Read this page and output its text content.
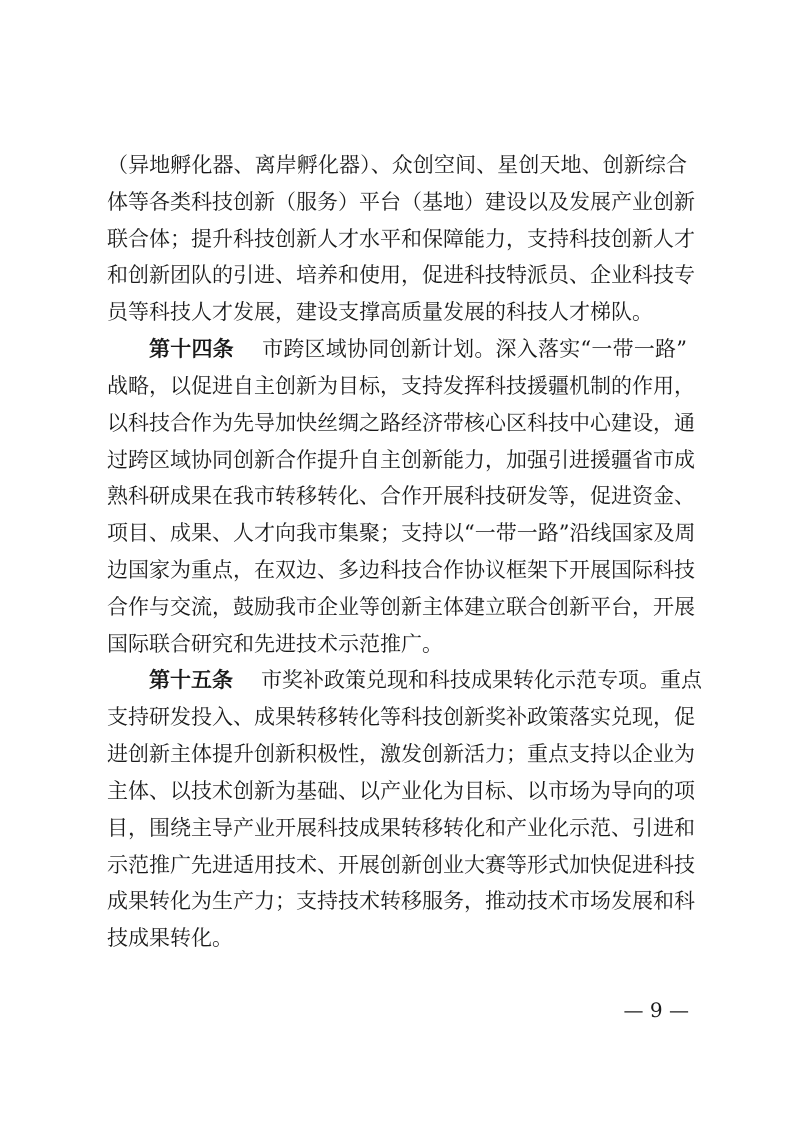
（异地孵化器、离岸孵化器）、众创空间、星创天地、创新综合
体等各类科技创新（服务）平台（基地）建设以及发展产业创新
联合体；提升科技创新人才水平和保障能力，支持科技创新人才
和创新团队的引进、培养和使用，促进科技特派员、企业科技专
员等科技人才发展，建设支撑高质量发展的科技人才梯队。
第十四条 市跨区域协同创新计划。深入落实“一带一路”
战略，以促进自主创新为目标，支持发挥科技援疆机制的作用，
以科技合作为先导加快丝绸之路经济带核心区科技中心建设，通
过跨区域协同创新合作提升自主创新能力，加强引进援疆省市成
熟科研成果在我市转移转化、合作开展科技研发等，促进资金、
项目、成果、人才向我市集聚；支持以“一带一路”沿线国家及周
边国家为重点，在双边、多边科技合作协议框架下开展国际科技
合作与交流，鼓励我市企业等创新主体建立联合创新平台，开展
国际联合研究和先进技术示范推广。
第十五条 市奖补政策兑现和科技成果转化示范专项。重点
支持研发投入、成果转移转化等科技创新奖补政策落实兑现，促
进创新主体提升创新积极性，激发创新活力；重点支持以企业为
主体、以技术创新为基础、以产业化为目标、以市场为导向的项
目，围绕主导产业开展科技成果转移转化和产业化示范、引进和
示范推广先进适用技术、开展创新创业大赛等形式加快促进科技
成果转化为生产力；支持技术转移服务，推动技术市场发展和科
技成果转化。
— 9 —
